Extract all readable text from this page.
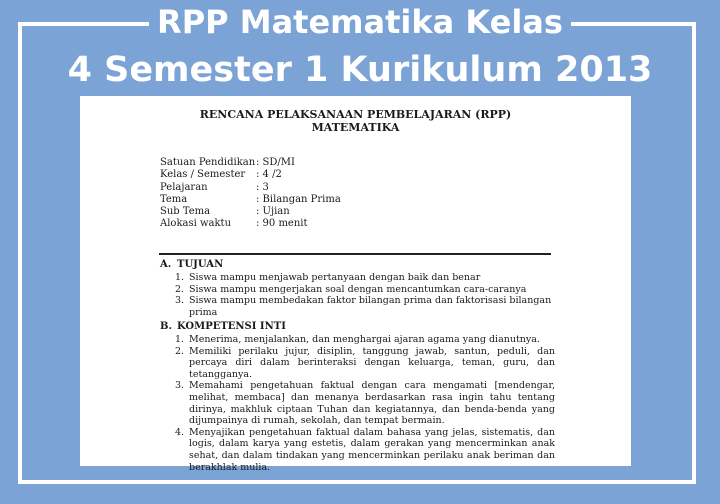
RPP Matematika Kelas
4 Semester 1 Kurikulum 2013
RENCANA PELAKSANAAN PEMBELAJARAN (RPP)
MATEMATIKA
Satuan Pendidikan : SD/MI
Kelas / Semester	: 4 /2
Pelajaran	: 3
Tema	: Bilangan Prima
Sub Tema	: Ujian
Alokasi waktu	: 90 menit
A. TUJUAN
1. Siswa mampu menjawab pertanyaan dengan baik dan benar
2. Siswa mampu mengerjakan soal dengan mencantumkan cara-caranya
3. Siswa mampu membedakan faktor bilangan prima dan faktorisasi bilangan prima
B. KOMPETENSI INTI
1. Menerima, menjalankan, dan menghargai ajaran agama yang dianutnya.
2. Memiliki perilaku jujur, disiplin, tanggung jawab, santun, peduli, dan percaya diri dalam berinteraksi dengan keluarga, teman, guru, dan tetangganya.
3. Memahami pengetahuan faktual dengan cara mengamati [mendengar, melihat, membaca] dan menanya berdasarkan rasa ingin tahu tentang dirinya, makhluk ciptaan Tuhan dan kegiatannya, dan benda-benda yang dijumpainya di rumah, sekolah, dan tempat bermain.
4. Menyajikan pengetahuan faktual dalam bahasa yang jelas, sistematis, dan logis, dalam karya yang estetis, dalam gerakan yang mencerminkan anak sehat, dan dalam tindakan yang mencerminkan perilaku anak beriman dan berakhlak mulia.
